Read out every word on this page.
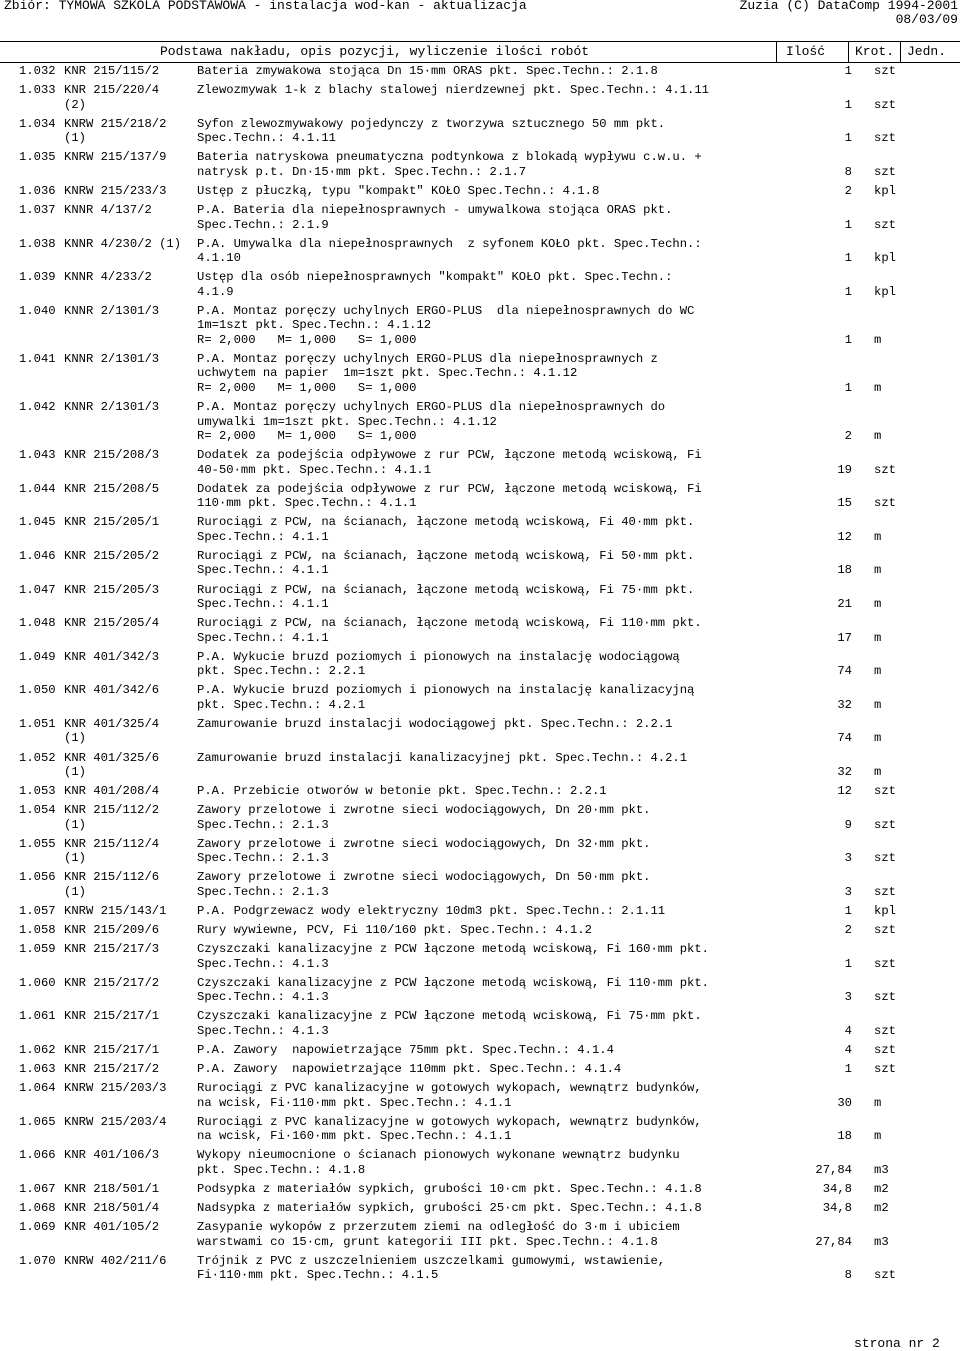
Zbiór: TYMOWA SZKOLA PODSTAWOWA - instalacja wod-kan - aktualizacja	Zuzia (C) DataComp 1994-2001
08/03/09
Podstawa nakładu, opis pozycji, wyliczenie ilości robót	Ilość Krot. Jedn.
1.032 KNR 215/115/2	Bateria zmywakowa stojąca Dn 15·mm ORAS pkt. Spec.Techn.: 2.1.8	1 szt
1.033 KNR 215/220/4
(2)
Zlewozmywak 1-k z blachy stalowej nierdzewnej pkt. Spec.Techn.: 4.1.11
1 szt
1.034 KNRW 215/218/2
(1)
Syfon zlewozmywakowy pojedynczy z tworzywa sztucznego 50 mm pkt.
Spec.Techn.: 4.1.11	1 szt
1.035 KNRW 215/137/9	Bateria natryskowa pneumatyczna podtynkowa z blokadą wypływu c.w.u. +
natrysk p.t. Dn·15·mm pkt. Spec.Techn.: 2.1.7	8 szt
1.036 KNRW 215/233/3	Ustęp z płuczką, typu "kompakt" KOŁO Spec.Techn.: 4.1.8	2 kpl
1.037 KNNR 4/137/2	P.A. Bateria dla niepełnosprawnych - umywalkowa stojąca ORAS pkt.
Spec.Techn.: 2.1.9	1 szt
1.038 KNNR 4/230/2 (1) P.A. Umywalka dla niepełnosprawnych  z syfonem KOŁO pkt. Spec.Techn.:
4.1.10	1 kpl
1.039 KNNR 4/233/2	Ustęp dla osób niepełnosprawnych "kompakt" KOŁO pkt. Spec.Techn.:
4.1.9	1 kpl
1.040 KNNR 2/1301/3	P.A. Montaz poręczy uchylnych ERGO-PLUS  dla niepełnosprawnych do WC
1m=1szt pkt. Spec.Techn.: 4.1.12
R= 2,000   M= 1,000   S= 1,000	1 m
1.041 KNNR 2/1301/3	P.A. Montaz poręczy uchylnych ERGO-PLUS dla niepełnosprawnych z
uchwytem na papier  1m=1szt pkt. Spec.Techn.: 4.1.12
R= 2,000   M= 1,000   S= 1,000	1 m
1.042 KNNR 2/1301/3	P.A. Montaz poręczy uchylnych ERGO-PLUS dla niepełnosprawnych do
umywalki 1m=1szt pkt. Spec.Techn.: 4.1.12
R= 2,000   M= 1,000   S= 1,000	2 m
1.043 KNR 215/208/3	Dodatek za podejścia odpływowe z rur PCW, łączone metodą wciskową, Fi
40-50·mm pkt. Spec.Techn.: 4.1.1	19 szt
1.044 KNR 215/208/5	Dodatek za podejścia odpływowe z rur PCW, łączone metodą wciskową, Fi
110·mm pkt. Spec.Techn.: 4.1.1	15 szt
1.045 KNR 215/205/1	Rurociągi z PCW, na ścianach, łączone metodą wciskową, Fi 40·mm pkt.
Spec.Techn.: 4.1.1	12 m
1.046 KNR 215/205/2	Rurociągi z PCW, na ścianach, łączone metodą wciskową, Fi 50·mm pkt.
Spec.Techn.: 4.1.1	18 m
1.047 KNR 215/205/3	Rurociągi z PCW, na ścianach, łączone metodą wciskową, Fi 75·mm pkt.
Spec.Techn.: 4.1.1	21 m
1.048 KNR 215/205/4	Rurociągi z PCW, na ścianach, łączone metodą wciskową, Fi 110·mm pkt.
Spec.Techn.: 4.1.1	17 m
1.049 KNR 401/342/3	P.A. Wykucie bruzd poziomych i pionowych na instalację wodociągową
pkt. Spec.Techn.: 2.2.1	74 m
1.050 KNR 401/342/6	P.A. Wykucie bruzd poziomych i pionowych na instalację kanalizacyjną
pkt. Spec.Techn.: 4.2.1	32 m
1.051 KNR 401/325/4
(1)
Zamurowanie bruzd instalacji wodociągowej pkt. Spec.Techn.: 2.2.1
74 m
1.052 KNR 401/325/6
(1)
Zamurowanie bruzd instalacji kanalizacyjnej pkt. Spec.Techn.: 4.2.1
32 m
1.053 KNR 401/208/4	P.A. Przebicie otworów w betonie pkt. Spec.Techn.: 2.2.1	12 szt
1.054 KNR 215/112/2
(1)
Zawory przelotowe i zwrotne sieci wodociągowych, Dn 20·mm pkt.
Spec.Techn.: 2.1.3	9 szt
1.055 KNR 215/112/4
(1)
Zawory przelotowe i zwrotne sieci wodociągowych, Dn 32·mm pkt.
Spec.Techn.: 2.1.3	3 szt
1.056 KNR 215/112/6
(1)
Zawory przelotowe i zwrotne sieci wodociągowych, Dn 50·mm pkt.
Spec.Techn.: 2.1.3	3 szt
1.057 KNRW 215/143/1	P.A. Podgrzewacz wody elektryczny 10dm3 pkt. Spec.Techn.: 2.1.11	1 kpl
1.058 KNR 215/209/6	Rury wywiewne, PCV, Fi 110/160 pkt. Spec.Techn.: 4.1.2	2 szt
1.059 KNR 215/217/3	Czyszczaki kanalizacyjne z PCW łączone metodą wciskową, Fi 160·mm pkt.
Spec.Techn.: 4.1.3	1 szt
1.060 KNR 215/217/2	Czyszczaki kanalizacyjne z PCW łączone metodą wciskową, Fi 110·mm pkt.
Spec.Techn.: 4.1.3	3 szt
1.061 KNR 215/217/1	Czyszczaki kanalizacyjne z PCW łączone metodą wciskową, Fi 75·mm pkt.
Spec.Techn.: 4.1.3	4 szt
1.062 KNR 215/217/1	P.A. Zawory  napowietrzające 75mm pkt. Spec.Techn.: 4.1.4	4 szt
1.063 KNR 215/217/2	P.A. Zawory  napowietrzające 110mm pkt. Spec.Techn.: 4.1.4	1 szt
1.064 KNRW 215/203/3	Rurociągi z PVC kanalizacyjne w gotowych wykopach, wewnątrz budynków,
na wcisk, Fi·110·mm pkt. Spec.Techn.: 4.1.1	30 m
1.065 KNRW 215/203/4	Rurociągi z PVC kanalizacyjne w gotowych wykopach, wewnątrz budynków,
na wcisk, Fi·160·mm pkt. Spec.Techn.: 4.1.1	18 m
1.066 KNR 401/106/3	Wykopy nieumocnione o ścianach pionowych wykonane wewnątrz budynku
pkt. Spec.Techn.: 4.1.8	27,84 m3
1.067 KNR 218/501/1	Podsypka z materiałów sypkich, grubości 10·cm pkt. Spec.Techn.: 4.1.8	34,8 m2
1.068 KNR 218/501/4	Nadsypka z materiałów sypkich, grubości 25·cm pkt. Spec.Techn.: 4.1.8	34,8 m2
1.069 KNR 401/105/2	Zasypanie wykopów z przerzutem ziemi na odległość do 3·m i ubiciem
warstwami co 15·cm, grunt kategorii III pkt. Spec.Techn.: 4.1.8	27,84 m3
1.070 KNRW 402/211/6	Trójnik z PVC z uszczelnieniem uszczelkami gumowymi, wstawienie,
Fi·110·mm pkt. Spec.Techn.: 4.1.5	8 szt
strona nr 2
